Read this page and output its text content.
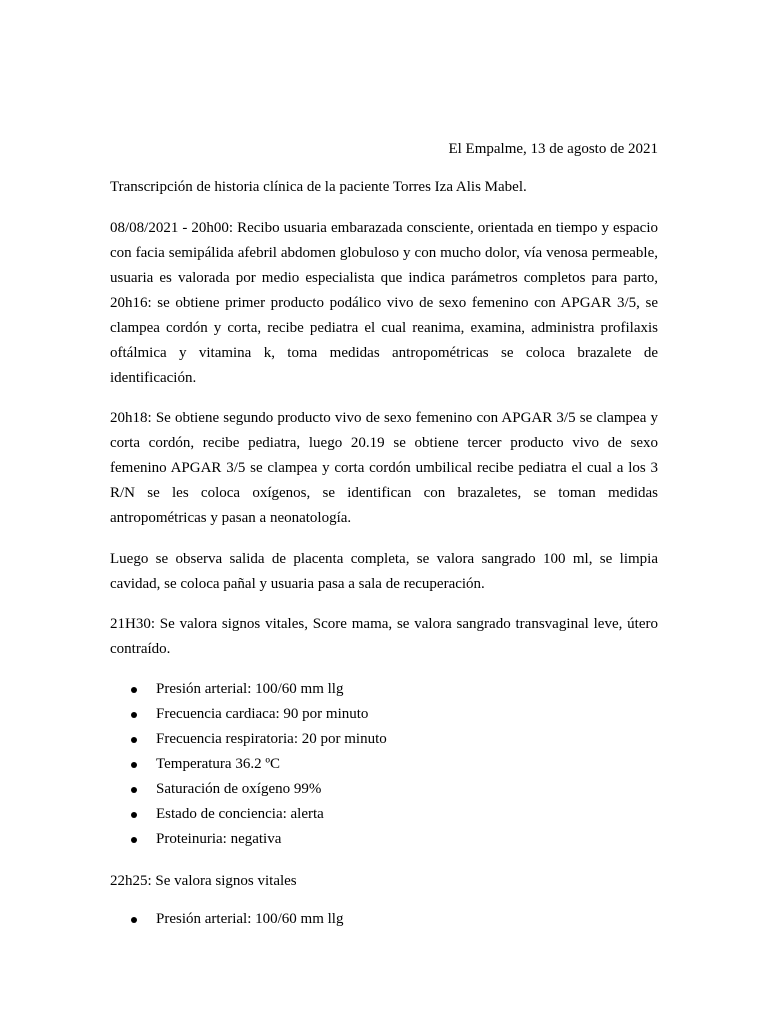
El Empalme, 13 de agosto de 2021

Transcripción de historia clínica de la paciente Torres Iza Alis Mabel.

08/08/2021 - 20h00: Recibo usuaria embarazada consciente, orientada en tiempo y espacio con facia semipálida afebril abdomen globuloso y con mucho dolor, vía venosa permeable, usuaria es valorada por medio especialista que indica parámetros completos para parto, 20h16: se obtiene primer producto podálico vivo de sexo femenino con APGAR 3/5, se clampea cordón y corta, recibe pediatra el cual reanima, examina, administra profilaxis oftálmica y vitamina k, toma medidas antropométricas se coloca brazalete de identificación.

20h18: Se obtiene segundo producto vivo de sexo femenino con APGAR 3/5 se clampea y corta cordón, recibe pediatra, luego 20.19 se obtiene tercer producto vivo de sexo femenino APGAR 3/5 se clampea y corta cordón umbilical recibe pediatra el cual a los 3 R/N se les coloca oxígenos, se identifican con brazaletes, se toman medidas antropométricas y pasan a neonatología.

Luego se observa salida de placenta completa, se valora sangrado 100 ml, se limpia cavidad, se coloca pañal y usuaria pasa a sala de recuperación.

21H30: Se valora signos vitales, Score mama, se valora sangrado transvaginal leve, útero contraído.

Presión arterial: 100/60 mm llg
Frecuencia cardiaca: 90 por minuto
Frecuencia respiratoria: 20 por minuto
Temperatura 36.2 ºC
Saturación de oxígeno 99%
Estado de conciencia: alerta
Proteinuria: negativa

22h25: Se valora signos vitales

Presión arterial: 100/60 mm llg
